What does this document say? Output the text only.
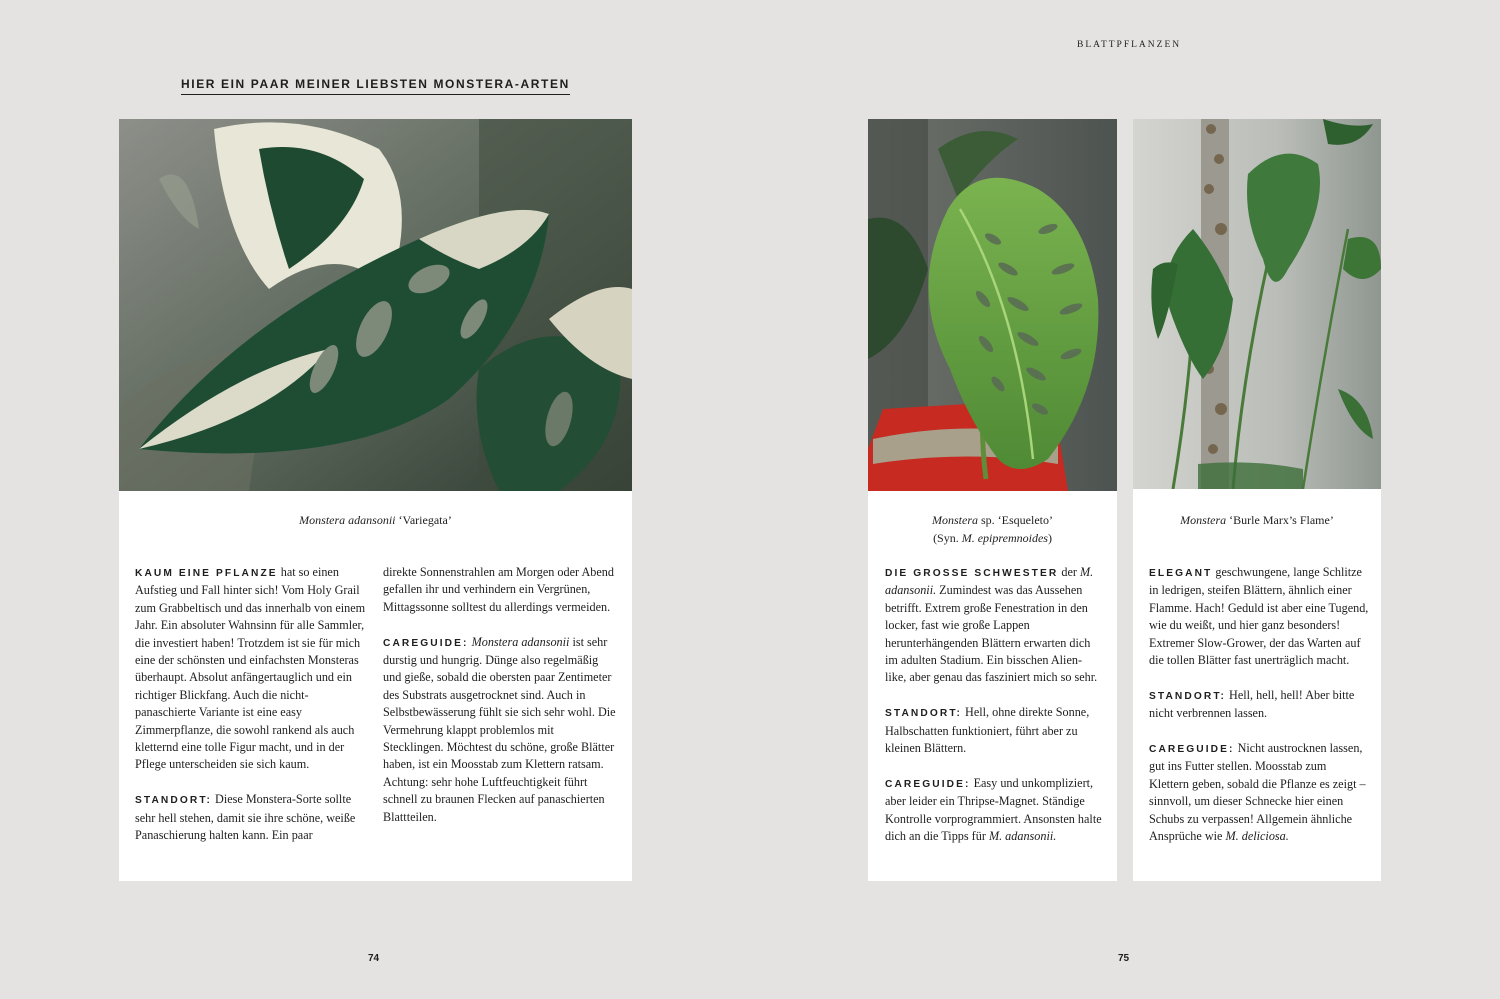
BLATTPFLANZEN
HIER EIN PAAR MEINER LIEBSTEN MONSTERA-ARTEN
Monstera adansonii ‘Variegata’

KAUM EINE PFLANZE hat so einen Aufstieg und Fall hinter sich! Vom Holy Grail zum Grabbeltisch und das innerhalb von einem Jahr. Ein absoluter Wahnsinn für alle Sammler, die investiert haben! Trotzdem ist sie für mich eine der schönsten und einfachsten Monsteras überhaupt. Absolut anfängertauglich und ein richtiger Blickfang. Auch die nicht-panaschierte Variante ist eine easy Zimmerpflanze, die sowohl rankend als auch kletternd eine tolle Figur macht, und in der Pflege unterscheiden sie sich kaum.

STANDORT: Diese Monstera-Sorte sollte sehr hell stehen, damit sie ihre schöne, weiße Panaschierung halten kann. Ein paar

direkte Sonnenstrahlen am Morgen oder Abend gefallen ihr und verhindern ein Vergrünen, Mittagssonne solltest du allerdings vermeiden.

CAREGUIDE: Monstera adansonii ist sehr durstig und hungrig. Dünge also regelmäßig und gieße, sobald die obersten paar Zentimeter des Substrats ausgetrocknet sind. Auch in Selbstbewässerung fühlt sie sich sehr wohl. Die Vermehrung klappt problemlos mit Stecklingen. Möchtest du schöne, große Blätter haben, ist ein Moosstab zum Klettern ratsam. Achtung: sehr hohe Luftfeuchtigkeit führt schnell zu braunen Flecken auf panaschierten Blattteilen.

Monstera sp. ‘Esqueleto’
(Syn. M. epipremnoides)

DIE GROSSE SCHWESTER der M. adansonii. Zumindest was das Aussehen betrifft. Extrem große Fenestration in den locker, fast wie große Lappen herunterhängenden Blättern erwarten dich im adulten Stadium. Ein bisschen Alien-like, aber genau das fasziniert mich so sehr.

STANDORT: Hell, ohne direkte Sonne, Halbschatten funktioniert, führt aber zu kleinen Blättern.

CAREGUIDE: Easy und unkompliziert, aber leider ein Thripse-Magnet. Ständige Kontrolle vorprogrammiert. Ansonsten halte dich an die Tipps für M. adansonii.

Monstera ‘Burle Marx’s Flame’

ELEGANT geschwungene, lange Schlitze in ledrigen, steifen Blättern, ähnlich einer Flamme. Hach! Geduld ist aber eine Tugend, wie du weißt, und hier ganz besonders! Extremer Slow-Grower, der das Warten auf die tollen Blätter fast unerträglich macht.

STANDORT: Hell, hell, hell! Aber bitte nicht verbrennen lassen.

CAREGUIDE: Nicht austrocknen lassen, gut ins Futter stellen. Moosstab zum Klettern geben, sobald die Pflanze es zeigt – sinnvoll, um dieser Schnecke hier einen Schubs zu verpassen! Allgemein ähnliche Ansprüche wie M. deliciosa.

74	75
